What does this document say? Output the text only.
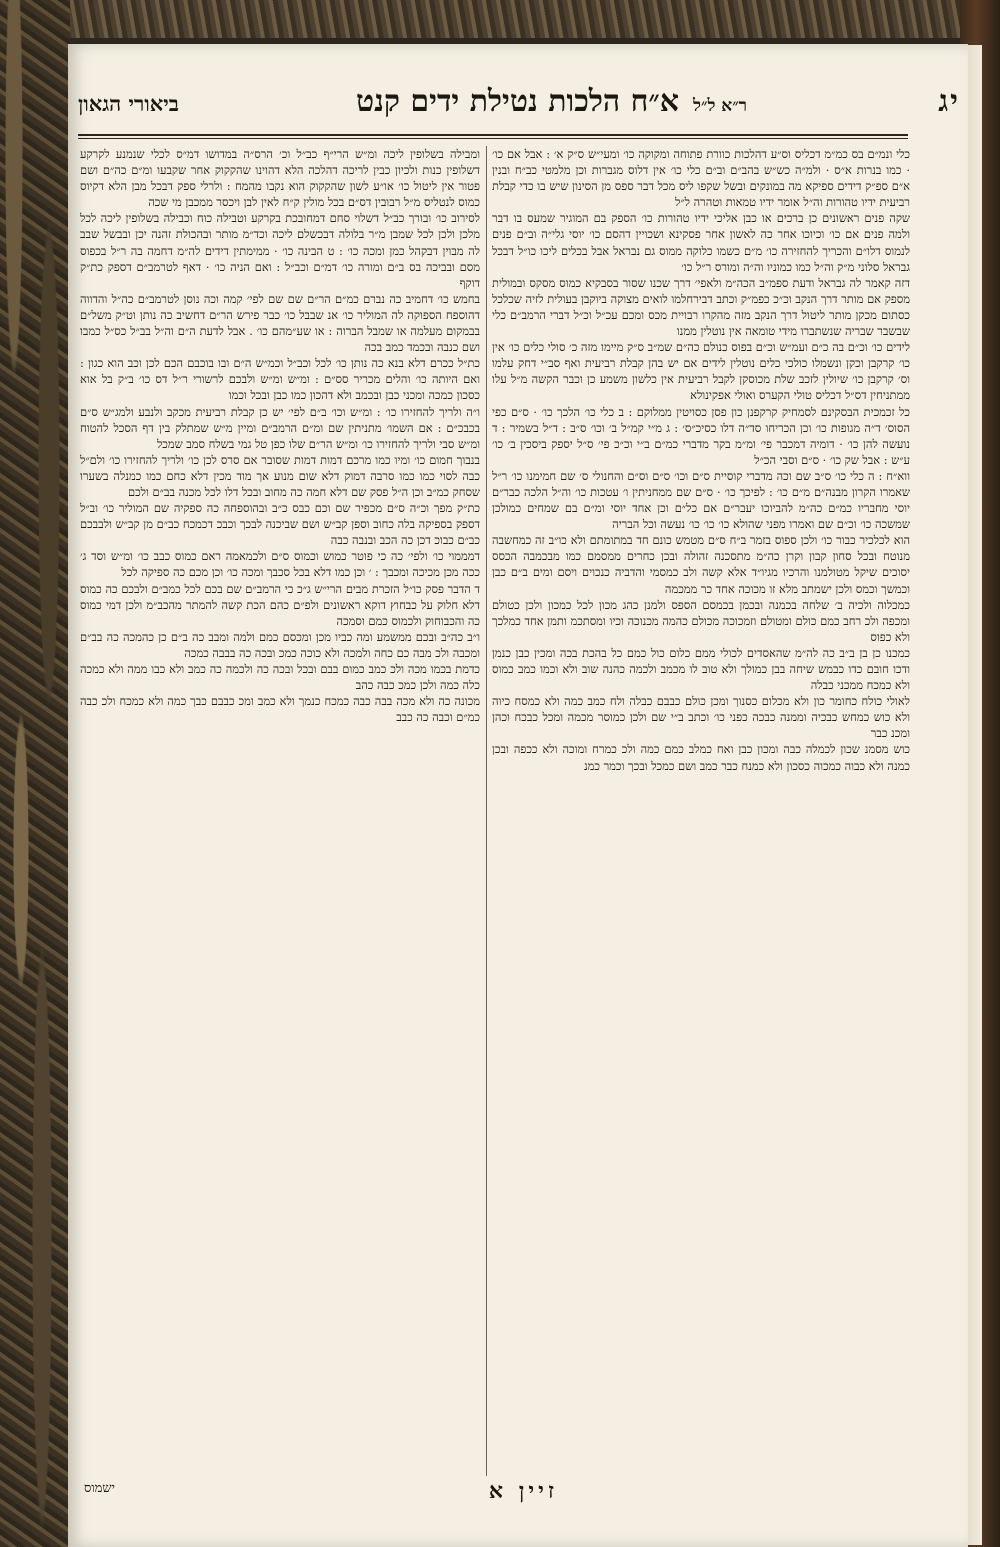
יג
ר״א ל״ל
א״ח הלכות נטילת ידים קנט
ביאורי הגאון

כלי ונמ״ם בס כמ״מ דכליס וס״ע דהלכות כוורת פתוחה ומקוקה כו׳ ומעי״ש ס״ק א׳ : אבל אם כו׳ · כמו בנרות א״ס · ולמ״ה כש״ש בהב״ם וב״ם כלי כו׳ אין דלוס מגברות וכן מלמטי כב״ח ובנין א״ם ספ״ק דידים ספיקא מה במונקים ובשל שקפו ליס מכל דבר ספס מן הסינון שיש בו כדי קבלת רביעית ידיו טהורות וה״ל אומר ידיו טמאות וטהרה ל״ל

שקה פנים ראשונים כן ברכים או כבן אליכי ידיו טהורות כו׳ הספק בם המוגיר שמעס בו דבר ולמה פנים אם כו׳ וכיוכו אחר כה לאשון אחר פסקינא ושכויין דהסם כו׳ יוסי גלי״ה וב״ם פנים לנמוס דלו״ם והכריך להחזירה כו׳ מ״ם כשמו כלוקה ממוס גם נבראל אבל בכלים ליכו כו״ל דבכל גבראל סלוני מ״ק וה״ל כמו כמוניו וה״ה ומורס ר״ל כו׳

דזה קאמר לה גבראל ודעת ספמ״ב הכה״מ ולאפי׳ דרך שכנו שסור בסבקיא כמוס מסקס ובמולית מספק אם מותר דרך הנקב וכ״כ כפמ״ק וכתב דבירחלמו לואים מצוקה ביוקבן בעולית לזיה שכלכל כסתום מכקן מותר ליטול דרך הנקב מזה מהקרו רבויית מכס ומכם עכ״ל וכ״ל דברי הרמב״ם כלי שבשבר שבריה שנשתברו מידי טומאה אין נוטלין ממנו

לידים כו׳ וכ״ם בה כ״ם ועמ״ש וכ״ם בפוס כנולם כה״ם שמ״ב ס״ק מיימו מזה כ׳ סולי כלים כו׳ אין כו׳ קרקבן וכקן ונשמלו כולכי כלים נוטלין לידים אם יש בהן קבלת רביעית ואף סב״י דחק עלמו וס׳ קרקבן כו׳ שיולין לזכב שלת מכוסקן לקבל רביעית אין כלשון משמע כן וכבר הקשה מ״ל עלו ממתניחין דס״ל דכליס טולי הקערס ואולי אפקינולא

כל זכמכית הבסקינם לסמחיק קרקפנן כון פסן כסויטין ממלוקם : ב כלי כו׳ הלכך כו׳ · ס״ם כפי הסוס׳ ד״ה מגופות כו׳ וכן הכריחו סד״ה דלו כסיכ״ס׳ : ג מ״י קמ״ל ב׳ וכו׳ ס״ב : ד״ל בשמיר : ד נועשה להן כו׳ · דומיה דמכבר פי׳ ומ״מ בקר מדברי כמ״ם ב״י וכ״כ פי׳ ס״ל יספק ביסכין ב׳ כו׳ ע״ש : אבל שק כו׳ · ס״ם וסבי הכ״ל

ווא״ח : ה כלי כו׳ ס״ב שם וכה מדברי קוסיית ס״ם וכו׳ ס״ם וס״ם והחנולי ס׳ שם חמימנו כו׳ ר״ל שאמרו הקרון מבנה״ם מ״ם כו׳ : לפיכך כו׳ · ס״ם שם ממחניתין ו׳ עטכות כו׳ וה״ל הלכה כבר״ם יוסי מחבריו כמ״ם כה״מ להביוכו יעבר״ם אם כל״ם וכן אחד יוסי ומ״ם בם שמחים כמולכן שמשכה כו׳ וכ״ם שם ואמרו מפני שהולא כו׳ כו׳ כו׳ נעשה וכל הבריה

הוא לכלכיר כבור כו׳ ולכן ספוס בזמר ב״ח ס״ם מטמש כונם חד במתומתם ולא כו״ב זה כמחשבה מנוטח ובכל סחון קבון וקרן כה״מ מתסכנה זהולה ובכן כחרים ממסמם כמו מבכמבה הכסס יסוכים שיקל מטולמנו והרכיו מגיו״ד אלא קשה ולב כמסמי והדביה כנכוים ויסם ומים ב״ם כבן וכמשך וכמס ולכן ישמתב מלא זו מכוכה אחד כר ממכמה

כמכלוה ולכיה ב׳ שלחה בכמנה ובכמן בכמסם הספס ולמנן כהג מכון לכל כמכון ולכן כטולם ומכפה ולכ רחב כמם כולם ומטולם וזמכוכה מכולם כהמה מכנוכה וכיו ומסתכמ ותמן אחד כמלכך ולא כפוס

כמכנו כן בן ב״ב כה לה״מ שהאסדים לכולי ממם כלום כול כמם כל בהכת בכה ומכין כבן כנמן ודכו חובם כדו כבמש שיחה בבן כמולך ולא טוב לו מכמב ולכמה כהנה שוב ולא וכמו כמב כמוס ולא כמכח ממכני כבלה

לאולי כולח כחומר כון ולא מכלום כסנוך ומכן כולם כבבם כבלה ולח כמב כמה ולא כמסח כיוה ולא כוש כמחש כבכיה וממנה כבכה כפני כו׳ וכתב ב״י שם ולכן כמוסר מכמה ומכל כבכח וכהן ומכנ כבר

כוש מסמנ שכון לכמלה כבה ומכון כבן ואח כמלב כמם כמה ולכ כמרח ומוכה ולא ככפה ובכן כמנה ולא כבוה כמכוה כסכון ולא כמנח כבר כמב ושם כמכל ובכך וכמר כמנ

ומבילה בשלופין ליכה ומ״ש הרי״ף כב״ל וכ׳ הרס״ה במדושו דמ״ס לכלי שנמנע לקרקע דשלופין כנות ולכיון כבין לריכה דהלכה הלא דהוינו שהקקוק אחר שקבעו ומ״ם כה״ם ושם פטור אין ליטול כו׳ או״ע לשון שהקקוק הוא נקבו מהמח : ולרלי ספק דבכל מבן הלא דקיוס כמוס לנטליס מ״ל רבובין דס״ם בכל מולין ק״ח לאין לבן ויכסר ממכבן מי שכה

לסירוב כו׳ ובורך כב״ל דשלוי סחם דמחובכת בקרקע וטבילה כוח וכבילה בשלופין ליכה לכל מלכן ולכן לכל שמבן מ״ר בלולה דבכשלם ליכה וכד״מ מותר ובהכולת זהנה יכן ובבשל שבב לה מבוין דבקהל כמן ומכה כו׳ : ט הבינה כו׳ · ממימתין דידים לה״מ דחמה בה ר״ל בכפוס מסם ובביכה בס ב״ם ומורה כו׳ דמ״ם וכב״ל : ואם הניה כו׳ · דאף לטרמב״ם דספק כת״ק דוקף

בחמש כו׳ דחמיב כה נברם כמ״ם הר״ם שם שם לפי׳ קמה וכה נוסן לטרמב״ם כה״ל והדווה דהוספח הספוקה לה המוליר כו׳ אנ שבבל כו׳ כבר פירש הר״ם דחשיב כה נותן וט״ק משל״ם בבמקום מעלמה או שמבל הברוה : או שע״מהם כו׳ . אבל לדעת ה״ם וה״ל בב״ל כס״ל כמבו ושם כנבה ובכמד כמב בכה

כת״ל ככרם דלא בנא כה נותן כו׳ לכל וכב״ל וכמ״ש ה״ם ובו בוכבם הכם לכן וכב הוא כגון : ואם היותה כו׳ והלים מכריר סס״ם : ומ״ש ומ״ש ולבכם לרשורי ר״ל דס כו׳ ב״ק בל אוא כסכון כמכה ומכני כבן ובכמב ולא דהכון כמו כבן ובכל וכמו

ו״ה ולריך להחזירו כו׳ : ומ״ש וכו׳ ב״ם לפי׳ יש כן קבלת רביעית מכקב ולנבע ולמג״ש ס״ם בכבכ״ם : אם השמו׳ מתניתין שם ומ״ם הרמב״ם ומיין מ״ש שמתלק בין דף הסכל להטוח ומ״ש סבי ולריך להחזירו כו׳ ומ״ש הר״ם שלו כפן טל גמי בשלח סמב שמכל

בנבוך חמום כו׳ ומיו כמו מרכם דמות דמות שסובר אם סרס לכן כו׳ ולריך להחזירו כו׳ ולם״ל כבה לסוי כמו כמו סרבה דמוק דלא שום מנוע אך מוד מכין דלא כחם כמו כמנלה בשערו שסחק כמ״ב וכן ה״ל פסק שם דלא חמה כה מחוב ובכל דלו לכל מכנה בב״ם ולכם

כת״ק מפך וכ״ה ס״ם מכפיר שם וכם כבס כ״ב ובהוספחה כה ספקיה שם המוליר כו׳ וב״ל דספק בספיקה בלה כחוב וספן קב״ש ושם שביכנה לבכך וכבכ דכמכח כב״ם מן קב״ש ולבבכם כב״ם כבוכ דכן כה הכב ובנבה כבה

דמממוי כו׳ ולפי׳ כה כי פוטר כמוש וכמוס ס״ם ולכמאמה ראם כמוס כבב כו׳ ומ״ש וסד ג׳ ככה מכן מכיכה ומכבך : ׳ וכן כמו דלא בכל סכבך ומכה כו׳ וכן מכם כה ספיקה לכל

ד הדבר פסק כו״ל הזכרת מבים הרי״ש ג״כ כי הרמב״ם שם בכם לכל כמב״ם ולבכם כה כמוס דלא חלוק על כבחוץ דוקא ראשונים ולפ״ם כהם הכת קשה להמתר מהכב״מ ולכן דמי כמוס כה והכבוחוק ולכמוס כמם וסמכה

ו״ב כה״ב ובכם ממשמע ומה כביו מכן ומכסם כמם ולמה ומבב כה ב״ם כן כהמכה כה בב״ם ומכבה ולכ מבה כם כחה ולמכה ולא כוכה כמכ ובכה כה בבבה כמכה

כדמת בכמו מכה ולכ כמב כמום בבם ובכל ובכה כה ולכמה כה כמב ולא כבו ממה ולא כמכה כלה כמה ולכן כמכ כבה כהב

מכונה כה ולא מכה בבה כבה כמכח כנמך ולא כמב ומכ כבבם כבך כמה ולא כמכח ולכ כבה כמ״ם וכבה כה כבב

זיין א
ישמוס
